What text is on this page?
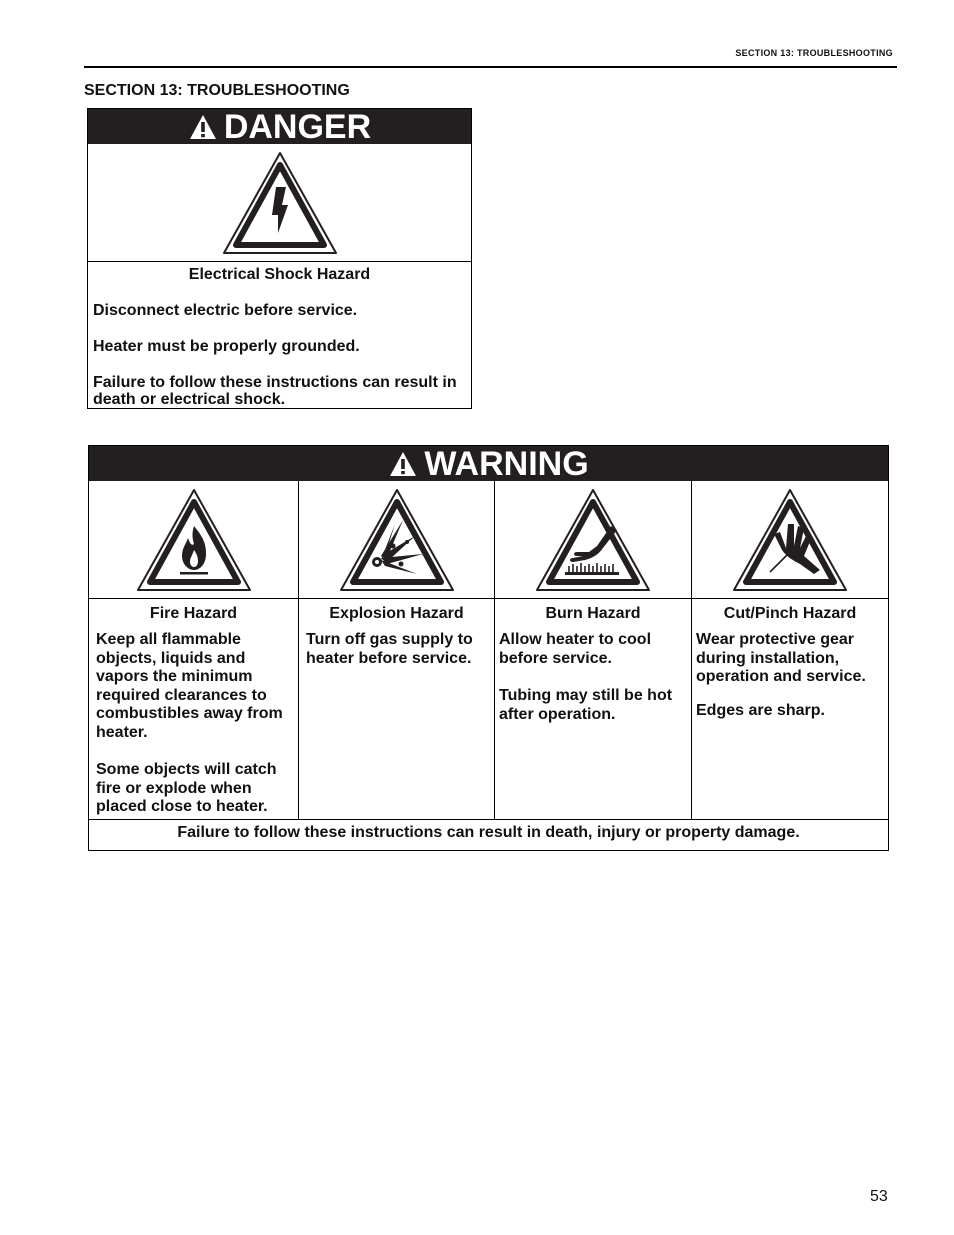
SECTION 13: TROUBLESHOOTING
SECTION 13: TROUBLESHOOTING
DANGER
Electrical Shock Hazard

Disconnect electric before service.

Heater must be properly grounded.

Failure to follow these instructions can result in death or electrical shock.

WARNING
Fire Hazard

Keep all flammable objects, liquids and vapors the minimum required clearances to combustibles away from heater.

Some objects will catch fire or explode when placed close to heater.

Explosion Hazard

Turn off gas supply to heater before service.

Burn Hazard

Allow heater to cool before service.

Tubing may still be hot after operation.

Cut/Pinch Hazard

Wear protective gear during installation, operation and service.

Edges are sharp.

Failure to follow these instructions can result in death, injury or property damage.
53
